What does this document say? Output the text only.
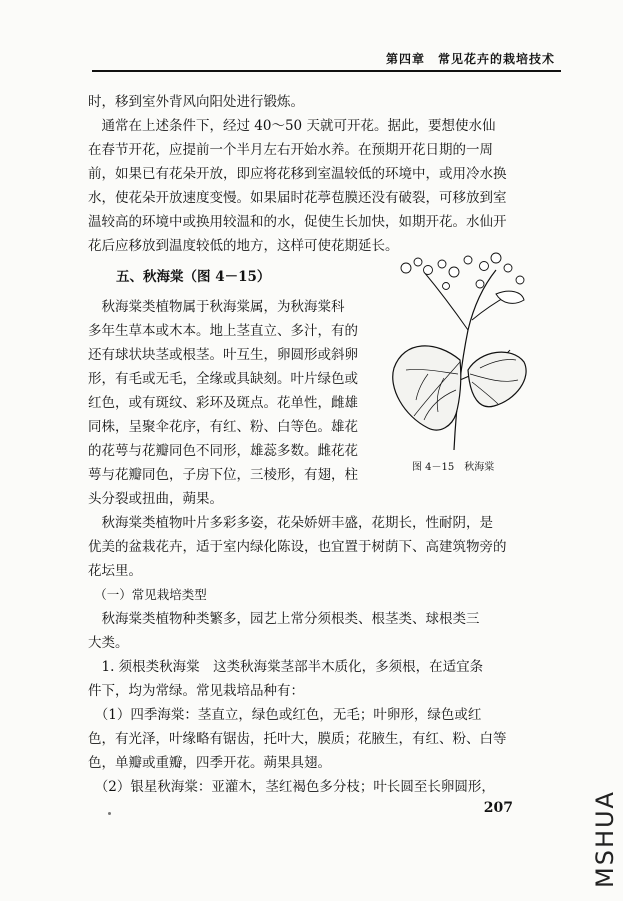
第四章　常见花卉的栽培技术

时，移到室外背风向阳处进行锻炼。

　通常在上述条件下，经过 40～50 天就可开花。据此，要想使水仙

在春节开花，应提前一个半月左右开始水养。在预期开花日期的一周

前，如果已有花朵开放，即应将花移到室温较低的环境中，或用冷水换

水，使花朵开放速度变慢。如果届时花葶苞膜还没有破裂，可移放到室

温较高的环境中或换用较温和的水，促使生长加快，如期开花。水仙开

花后应移放到温度较低的地方，这样可使花期延长。

五、秋海棠（图 4－15）

　秋海棠类植物属于秋海棠属，为秋海棠科

多年生草本或木本。地上茎直立、多汁，有的

还有球状块茎或根茎。叶互生，卵圆形或斜卵

形，有毛或无毛，全缘或具缺刻。叶片绿色或

红色，或有斑纹、彩环及斑点。花单性，雌雄

同株，呈聚伞花序，有红、粉、白等色。雄花

的花萼与花瓣同色不同形，雄蕊多数。雌花花

萼与花瓣同色，子房下位，三棱形，有翅，柱

头分裂或扭曲，蒴果。

图 4－15　秋海棠

　秋海棠类植物叶片多彩多姿，花朵娇妍丰盛，花期长，性耐阴，是

优美的盆栽花卉，适于室内绿化陈设，也宜置于树荫下、高建筑物旁的

花坛里。

　（一）常见栽培类型

　秋海棠类植物种类繁多，园艺上常分须根类、根茎类、球根类三

大类。

　1. 须根类秋海棠　这类秋海棠茎部半木质化，多须根，在适宜条

件下，均为常绿。常见栽培品种有：

　（1）四季海棠：茎直立，绿色或红色，无毛；叶卵形，绿色或红

色，有光泽，叶缘略有锯齿，托叶大，膜质；花腋生，有红、粉、白等

色，单瓣或重瓣，四季开花。蒴果具翅。

　（2）银星秋海棠：亚灌木，茎红褐色多分枝；叶长圆至长卵圆形，

207	MSHUA
